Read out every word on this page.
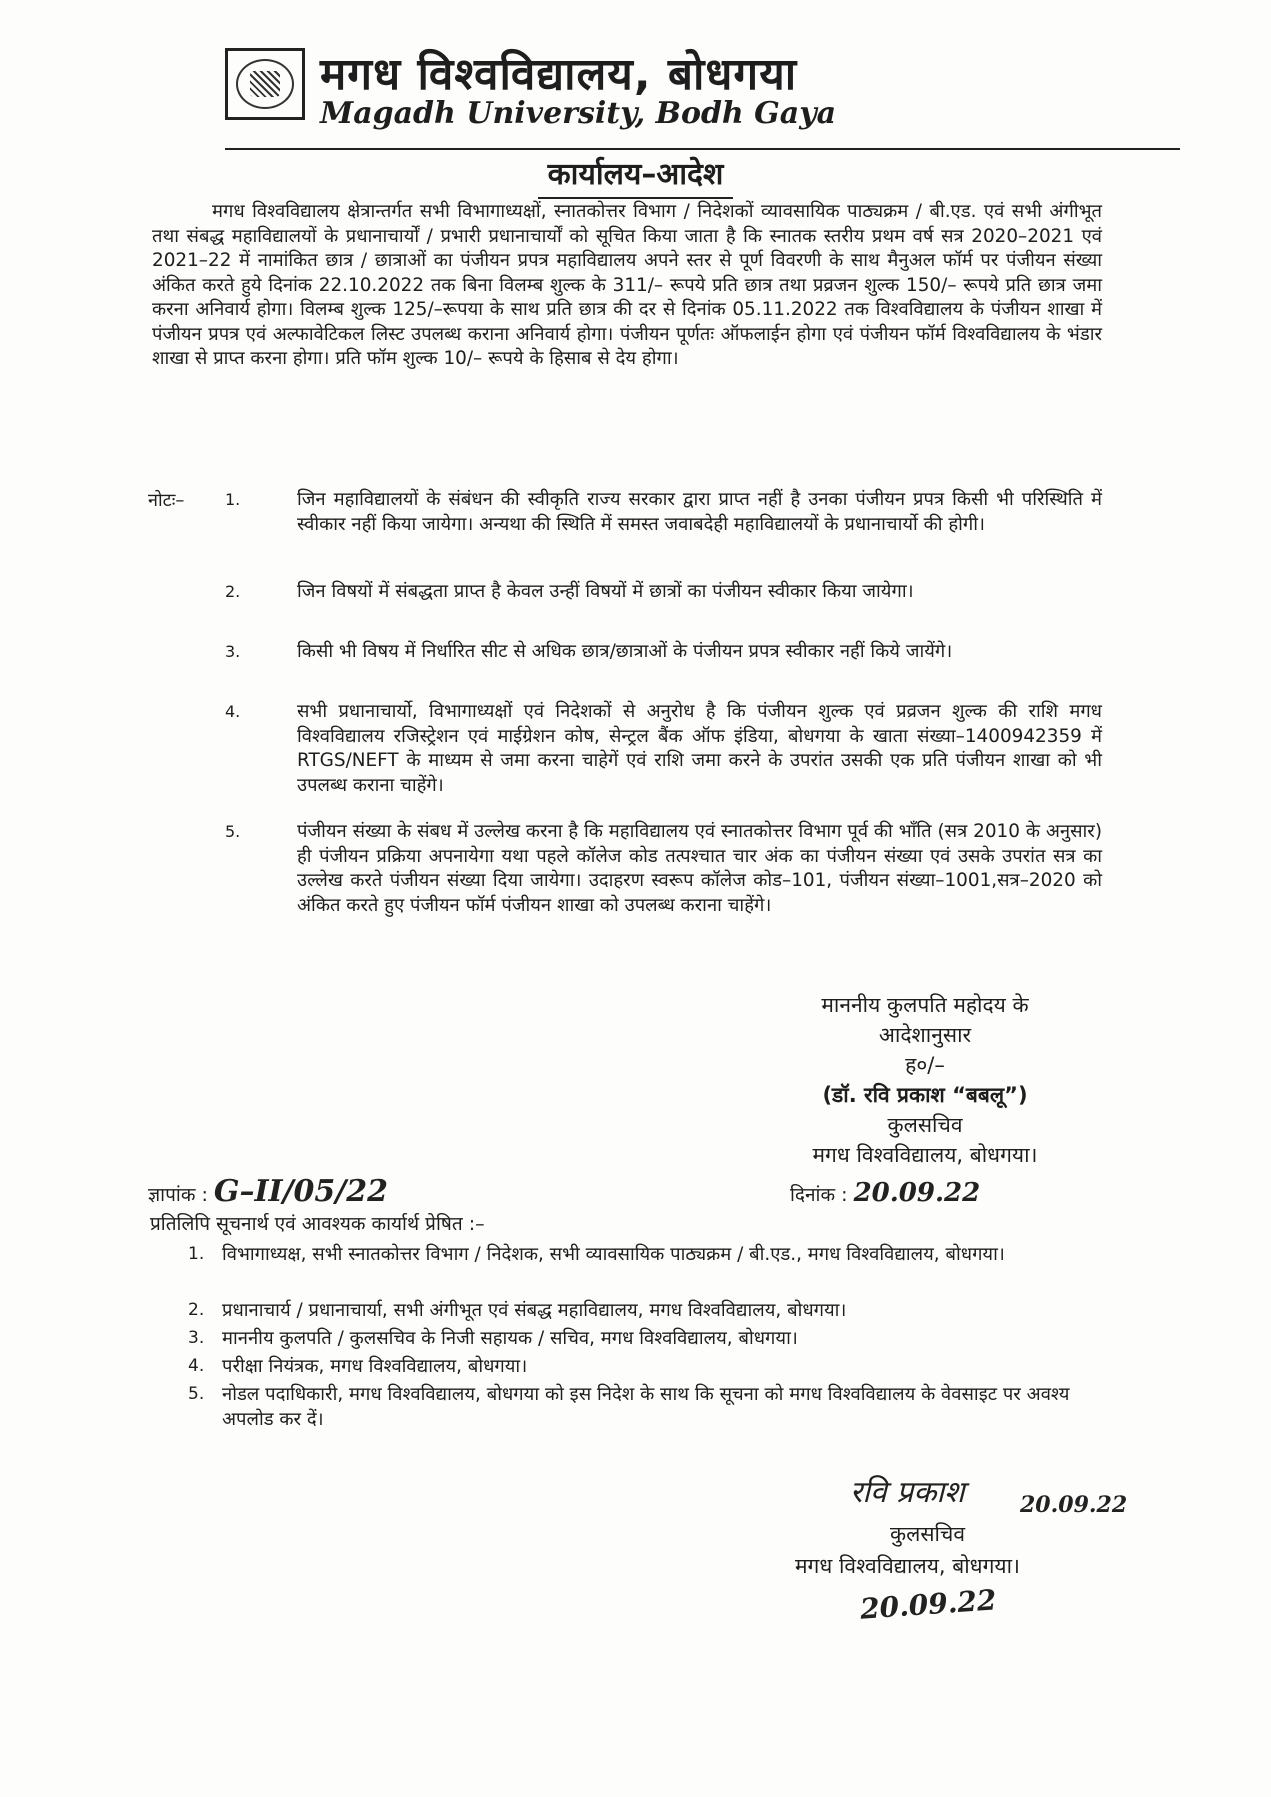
मगध विश्वविद्यालय, बोधगया
Magadh University, Bodh Gaya
कार्यालय–आदेश
मगध विश्वविद्यालय क्षेत्रान्तर्गत सभी विभागाध्यक्षों, स्नातकोत्तर विभाग / निदेशकों व्यावसायिक पाठ्यक्रम / बी.एड. एवं सभी अंगीभूत तथा संबद्ध महाविद्यालयों के प्रधानाचार्यों / प्रभारी प्रधानाचार्यों को सूचित किया जाता है कि स्नातक स्तरीय प्रथम वर्ष सत्र 2020–2021 एवं 2021–22 में नामांकित छात्र / छात्राओं का पंजीयन प्रपत्र महाविद्यालय अपने स्तर से पूर्ण विवरणी के साथ मैनुअल फॉर्म पर पंजीयन संख्या अंकित करते हुये दिनांक 22.10.2022 तक बिना विलम्ब शुल्क के 311/– रूपये प्रति छात्र तथा प्रव्रजन शुल्क 150/– रूपये प्रति छात्र जमा करना अनिवार्य होगा। विलम्ब शुल्क 125/–रूपया के साथ प्रति छात्र की दर से दिनांक 05.11.2022 तक विश्वविद्यालय के पंजीयन शाखा में पंजीयन प्रपत्र एवं अल्फावेटिकल लिस्ट उपलब्ध कराना अनिवार्य होगा। पंजीयन पूर्णतः ऑफलाईन होगा एवं पंजीयन फॉर्म विश्वविद्यालय के भंडार शाखा से प्राप्त करना होगा। प्रति फॉम शुल्क 10/– रूपये के हिसाब से देय होगा।
नोटः–	1.	जिन महाविद्यालयों के संबंधन की स्वीकृति राज्य सरकार द्वारा प्राप्त नहीं है उनका पंजीयन प्रपत्र किसी भी परिस्थिति में स्वीकार नहीं किया जायेगा। अन्यथा की स्थिति में समस्त जवाबदेही महाविद्यालयों के प्रधानाचार्यो की होगी।
2.	जिन विषयों में संबद्धता प्राप्त है केवल उन्हीं विषयों में छात्रों का पंजीयन स्वीकार किया जायेगा।
3.	किसी भी विषय में निर्धारित सीट से अधिक छात्र/छात्राओं के पंजीयन प्रपत्र स्वीकार नहीं किये जायेंगे।
4.	सभी प्रधानाचार्यो, विभागाध्यक्षों एवं निदेशकों से अनुरोध है कि पंजीयन शुल्क एवं प्रव्रजन शुल्क की राशि मगध विश्वविद्यालय रजिस्ट्रेशन एवं माईग्रेशन कोष, सेन्ट्रल बैंक ऑफ इंडिया, बोधगया के खाता संख्या–1400942359 में RTGS/NEFT के माध्यम से जमा करना चाहेगें एवं राशि जमा करने के उपरांत उसकी एक प्रति पंजीयन शाखा को भी उपलब्ध कराना चाहेंगे।
5.	पंजीयन संख्या के संबध में उल्लेख करना है कि महाविद्यालय एवं स्नातकोत्तर विभाग पूर्व की भाँति (सत्र 2010 के अनुसार) ही पंजीयन प्रक्रिया अपनायेगा यथा पहले कॉलेज कोड तत्पश्चात चार अंक का पंजीयन संख्या एवं उसके उपरांत सत्र का उल्लेख करते पंजीयन संख्या दिया जायेगा। उदाहरण स्वरूप कॉलेज कोड–101, पंजीयन संख्या–1001,सत्र–2020 को अंकित करते हुए पंजीयन फॉर्म पंजीयन शाखा को उपलब्ध कराना चाहेंगे।
माननीय कुलपति महोदय के
आदेशानुसार
ह०/–
(डॉ. रवि प्रकाश “बबलू”)
कुलसचिव
मगध विश्वविद्यालय, बोधगया।
ज्ञापांक : G–II/05/22	दिनांक : 20.09.22
प्रतिलिपि सूचनार्थ एवं आवश्यक कार्यार्थ प्रेषित :–
1. विभागाध्यक्ष, सभी स्नातकोत्तर विभाग / निदेशक, सभी व्यावसायिक पाठ्यक्रम / बी.एड., मगध विश्वविद्यालय, बोधगया।
2. प्रधानाचार्य / प्रधानाचार्या, सभी अंगीभूत एवं संबद्ध महाविद्यालय, मगध विश्वविद्यालय, बोधगया।
3. माननीय कुलपति / कुलसचिव के निजी सहायक / सचिव, मगध विश्वविद्यालय, बोधगया।
4. परीक्षा नियंत्रक, मगध विश्वविद्यालय, बोधगया।
5. नोडल पदाधिकारी, मगध विश्वविद्यालय, बोधगया को इस निदेश के साथ कि सूचना को मगध विश्वविद्यालय के वेवसाइट पर अवश्य अपलोड कर दें।
रवि प्रकाश	20.09.22
कुलसचिव
मगध विश्वविद्यालय, बोधगया।
20.09.22
